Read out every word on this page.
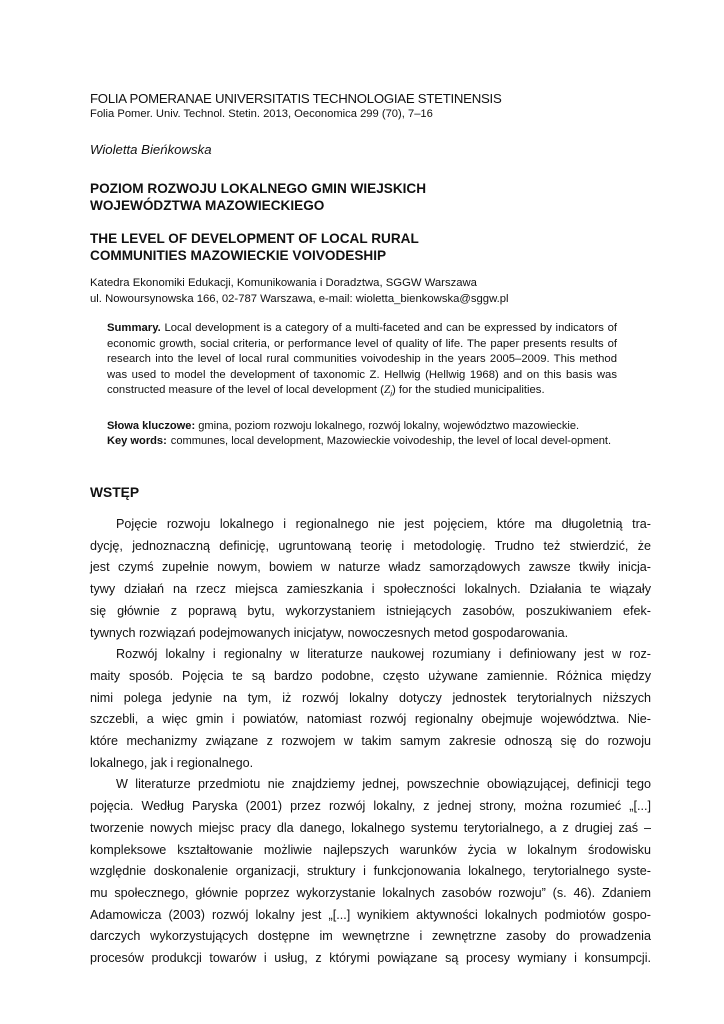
FOLIA POMERANAE UNIVERSITATIS TECHNOLOGIAE STETINENSIS
Folia Pomer. Univ. Technol. Stetin. 2013, Oeconomica 299 (70), 7–16
Wioletta Bieńkowska
POZIOM ROZWOJU LOKALNEGO GMIN WIEJSKICH
WOJEWÓDZTWA MAZOWIECKIEGO
THE LEVEL OF DEVELOPMENT OF LOCAL RURAL
COMMUNITIES MAZOWIECKIE VOIVODESHIP
Katedra Ekonomiki Edukacji, Komunikowania i Doradztwa, SGGW Warszawa
ul. Nowoursynowska 166, 02-787 Warszawa, e-mail: wioletta_bienkowska@sggw.pl
Summary. Local development is a category of a multi-faceted and can be expressed by indicators of economic growth, social criteria, or performance level of quality of life. The paper presents results of research into the level of local rural communities voivodeship in the years 2005–2009. This method was used to model the development of taxonomic Z. Hellwig (Hellwig 1968) and on this basis was constructed measure of the level of local development $(Z_i)$ for the studied municipalities.
Słowa kluczowe: gmina, poziom rozwoju lokalnego, rozwój lokalny, województwo mazowieckie.
Key words: communes, local development, Mazowieckie voivodeship, the level of local devel-opment.
WSTĘP

Pojęcie rozwoju lokalnego i regionalnego nie jest pojęciem, które ma długoletnią tra-
dycję, jednoznaczną definicję, ugruntowaną teorię i metodologię. Trudno też stwierdzić, że
jest czymś zupełnie nowym, bowiem w naturze władz samorządowych zawsze tkwiły inicja-
tywy działań na rzecz miejsca zamieszkania i społeczności lokalnych. Działania te wiązały
się głównie z poprawą bytu, wykorzystaniem istniejących zasobów, poszukiwaniem efek-
tywnych rozwiązań podejmowanych inicjatyw, nowoczesnych metod gospodarowania.

Rozwój lokalny i regionalny w literaturze naukowej rozumiany i definiowany jest w roz-
maity sposób. Pojęcia te są bardzo podobne, często używane zamiennie. Różnica między
nimi polega jedynie na tym, iż rozwój lokalny dotyczy jednostek terytorialnych niższych
szczebli, a więc gmin i powiatów, natomiast rozwój regionalny obejmuje województwa. Nie-
które mechanizmy związane z rozwojem w takim samym zakresie odnoszą się do rozwoju
lokalnego, jak i regionalnego.

W literaturze przedmiotu nie znajdziemy jednej, powszechnie obowiązującej, definicji tego
pojęcia. Według Paryska (2001) przez rozwój lokalny, z jednej strony, można rozumieć „[...]
tworzenie nowych miejsc pracy dla danego, lokalnego systemu terytorialnego, a z drugiej zaś –
kompleksowe kształtowanie możliwie najlepszych warunków życia w lokalnym środowisku
względnie doskonalenie organizacji, struktury i funkcjonowania lokalnego, terytorialnego syste-
mu społecznego, głównie poprzez wykorzystanie lokalnych zasobów rozwoju” (s. 46). Zdaniem
Adamowicza (2003) rozwój lokalny jest „[...] wynikiem aktywności lokalnych podmiotów gospo-
darczych wykorzystujących dostępne im wewnętrzne i zewnętrzne zasoby do prowadzenia
procesów produkcji towarów i usług, z którymi powiązane są procesy wymiany i konsumpcji.
